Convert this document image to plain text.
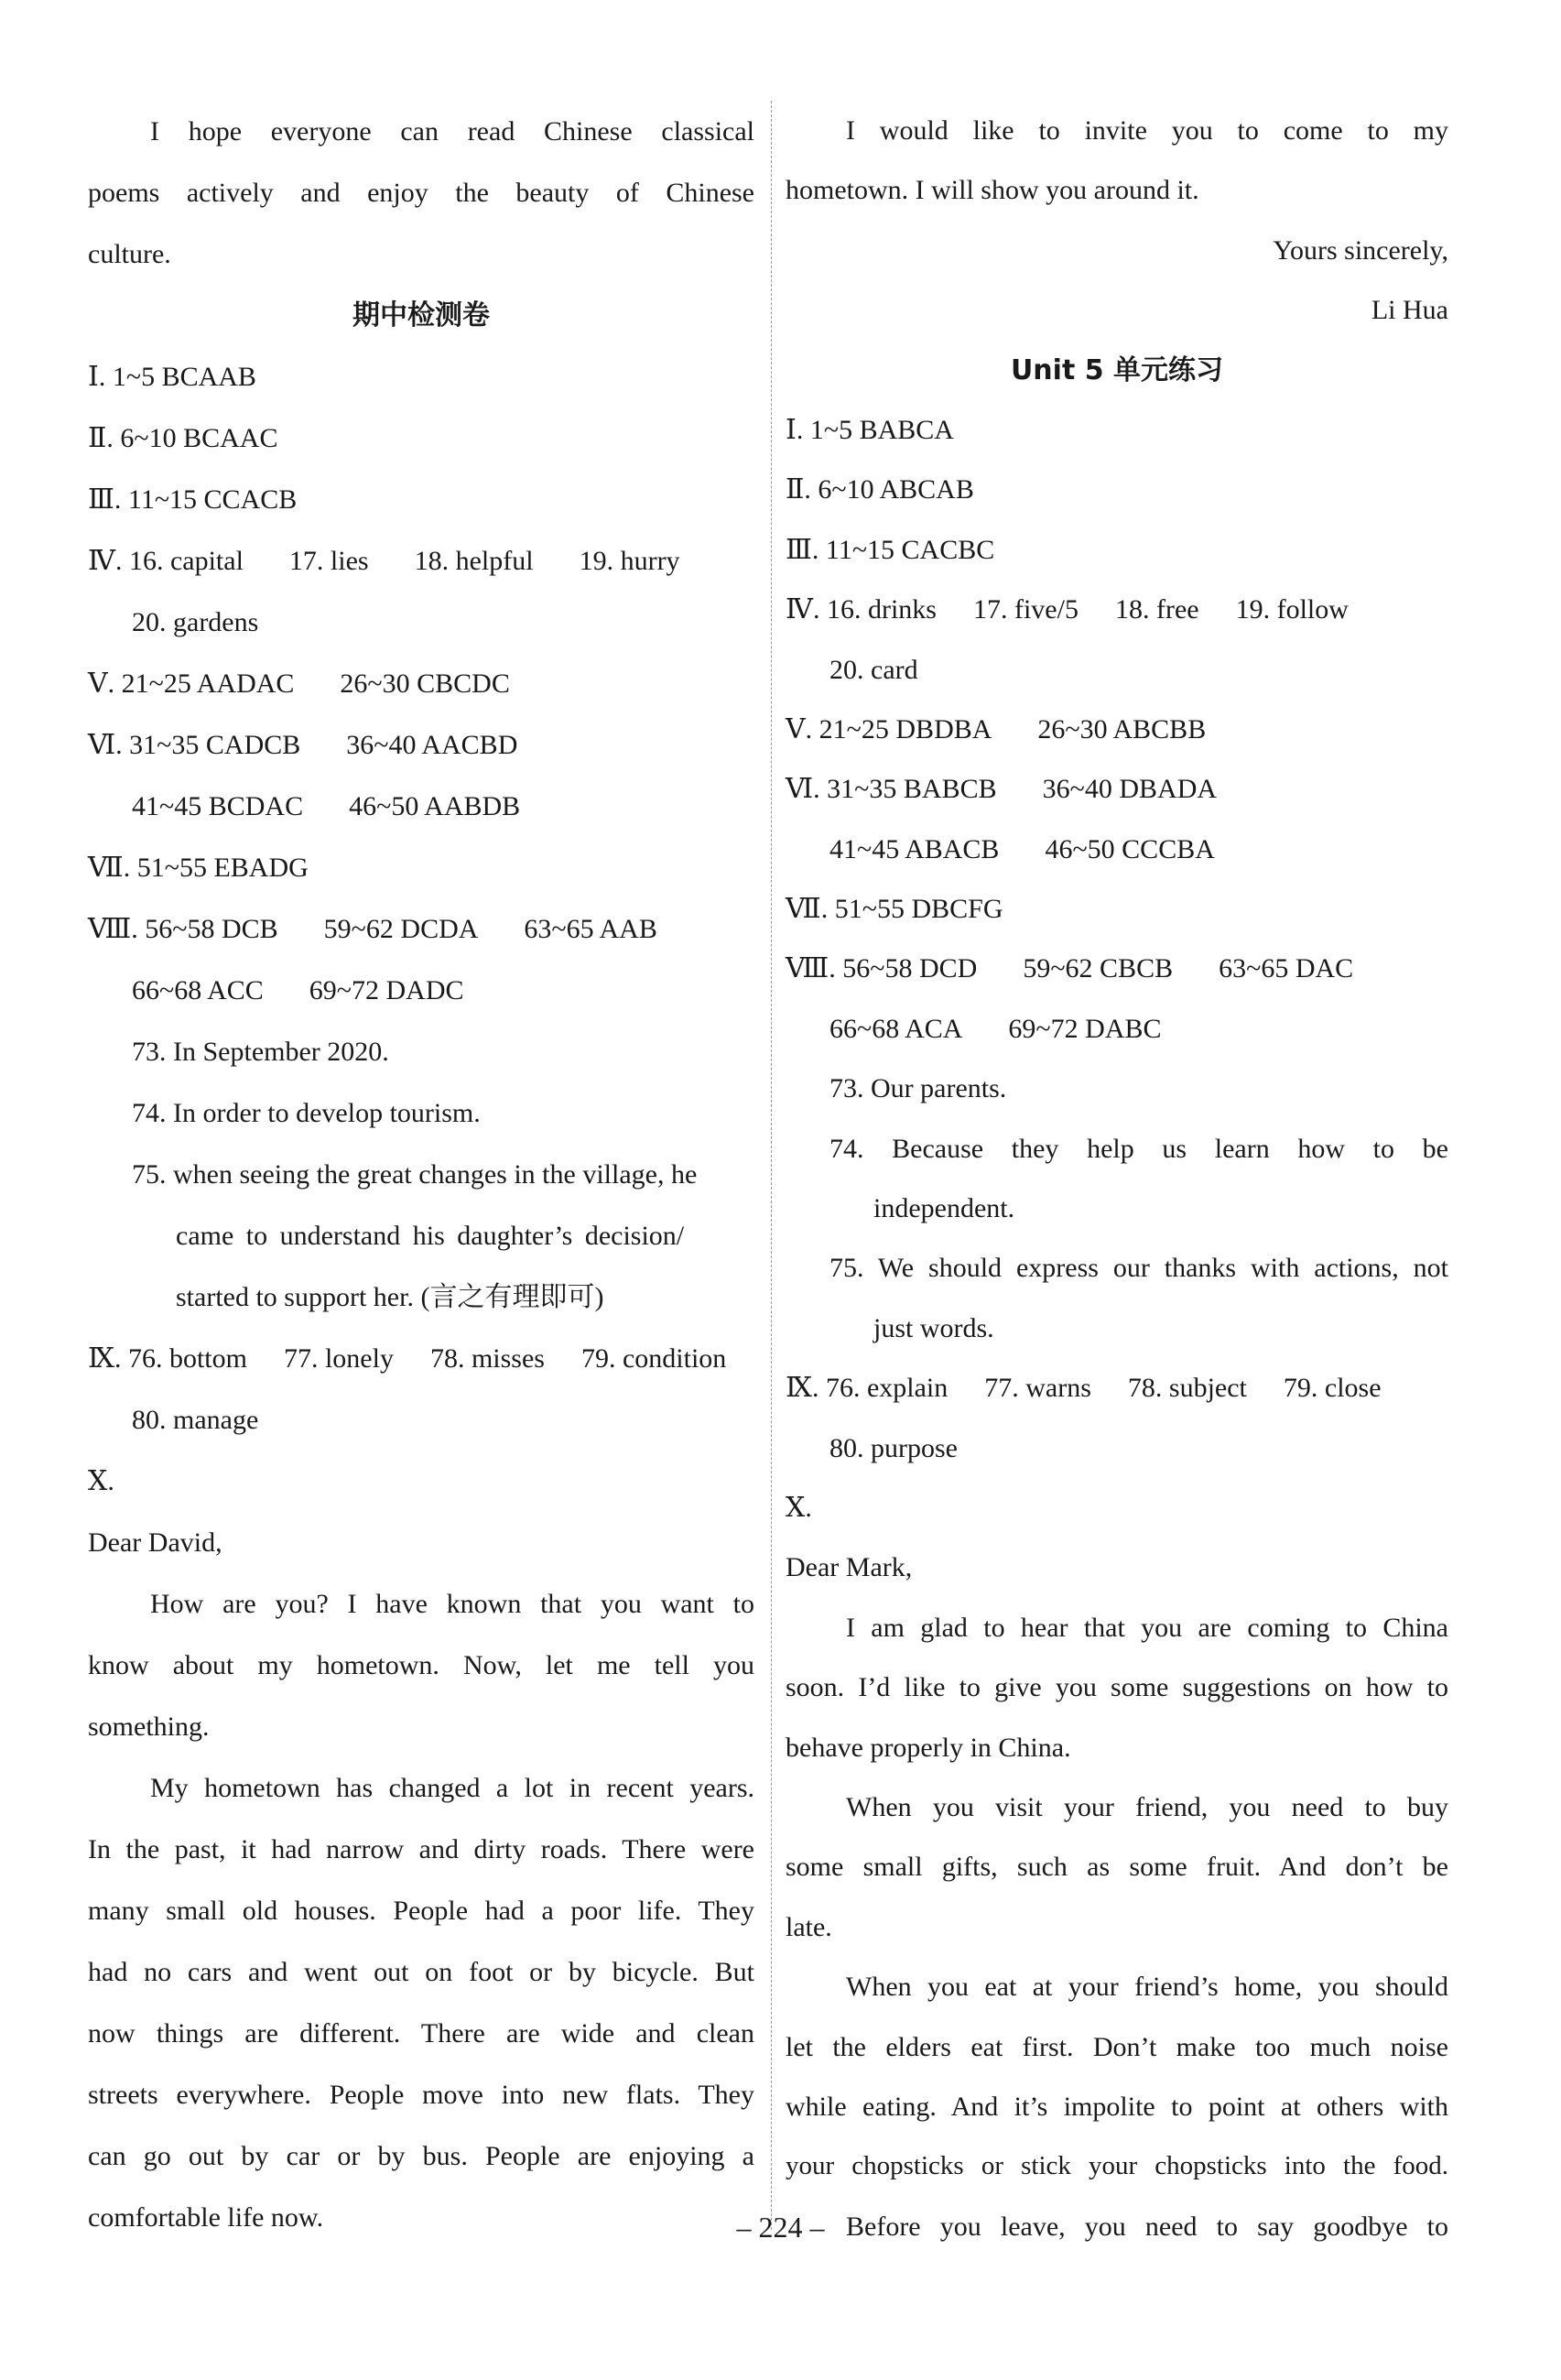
I hope everyone can read Chinese classical
poems actively and enjoy the beauty of Chinese
culture.
期中检测卷
Ⅰ. 1~5 BCAAB
Ⅱ. 6~10 BCAAC
Ⅲ. 11~15 CCACB
Ⅳ. 16. capital 17. lies 18. helpful 19. hurry
20. gardens
Ⅴ. 21~25 AADAC 26~30 CBCDC
Ⅵ. 31~35 CADCB 36~40 AACBD
41~45 BCDAC 46~50 AABDB
Ⅶ. 51~55 EBADG
Ⅷ. 56~58 DCB 59~62 DCDA 63~65 AAB
66~68 ACC 69~72 DADC
73. In September 2020.
74. In order to develop tourism.
75. when seeing the great changes in the village, he
came to understand his daughter’s decision/
started to support her. (言之有理即可)
Ⅸ. 76. bottom 77. lonely 78. misses 79. condition
80. manage
Ⅹ.
Dear David,
How are you? I have known that you want to
know about my hometown. Now, let me tell you
something.
My hometown has changed a lot in recent years.
In the past, it had narrow and dirty roads. There were
many small old houses. People had a poor life. They
had no cars and went out on foot or by bicycle. But
now things are different. There are wide and clean
streets everywhere. People move into new flats. They
can go out by car or by bus. People are enjoying a
comfortable life now.
I would like to invite you to come to my
hometown. I will show you around it.
Yours sincerely,
Li Hua
Unit 5 单元练习
Ⅰ. 1~5 BABCA
Ⅱ. 6~10 ABCAB
Ⅲ. 11~15 CACBC
Ⅳ. 16. drinks 17. five/5 18. free 19. follow
20. card
Ⅴ. 21~25 DBDBA 26~30 ABCBB
Ⅵ. 31~35 BABCB 36~40 DBADA
41~45 ABACB 46~50 CCCBA
Ⅶ. 51~55 DBCFG
Ⅷ. 56~58 DCD 59~62 CBCB 63~65 DAC
66~68 ACA 69~72 DABC
73. Our parents.
74. Because they help us learn how to be
independent.
75. We should express our thanks with actions, not
just words.
Ⅸ. 76. explain 77. warns 78. subject 79. close
80. purpose
Ⅹ.
Dear Mark,
I am glad to hear that you are coming to China
soon. I’d like to give you some suggestions on how to
behave properly in China.
When you visit your friend, you need to buy
some small gifts, such as some fruit. And don’t be
late.
When you eat at your friend’s home, you should
let the elders eat first. Don’t make too much noise
while eating. And it’s impolite to point at others with
your chopsticks or stick your chopsticks into the food.
Before you leave, you need to say goodbye to
– 224 –
